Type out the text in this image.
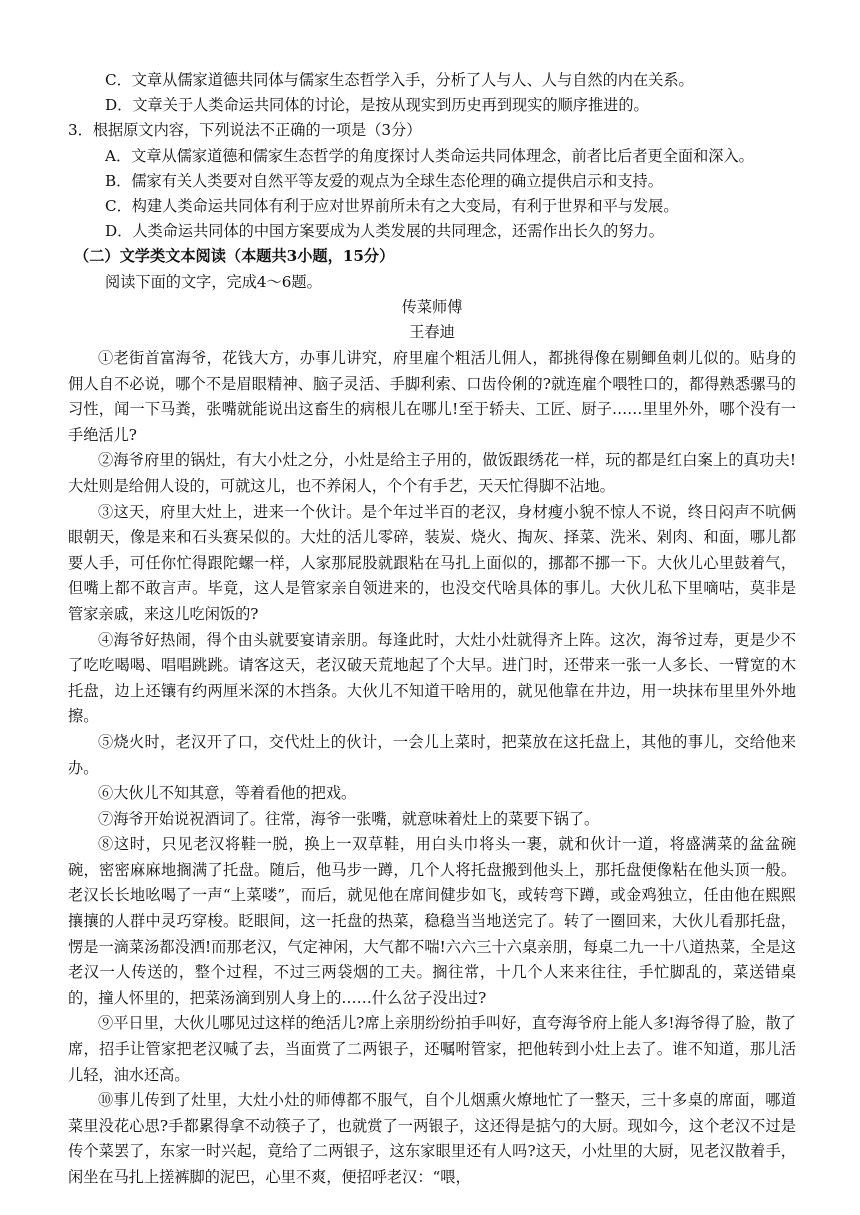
C．文章从儒家道德共同体与儒家生态哲学入手，分析了人与人、人与自然的内在关系。
D．文章关于人类命运共同体的讨论，是按从现实到历史再到现实的顺序推进的。
3．根据原文内容，下列说法不正确的一项是（3分）
A．文章从儒家道德和儒家生态哲学的角度探讨人类命运共同体理念，前者比后者更全面和深入。
B．儒家有关人类要对自然平等友爱的观点为全球生态伦理的确立提供启示和支持。
C．构建人类命运共同体有利于应对世界前所未有之大变局，有利于世界和平与发展。
D．人类命运共同体的中国方案要成为人类发展的共同理念，还需作出长久的努力。
（二）文学类文本阅读（本题共3小题，15分）
阅读下面的文字，完成4～6题。
传菜师傅
王春迪

①老街首富海爷，花钱大方，办事儿讲究，府里雇个粗活儿佣人，都挑得像在剔鲫鱼刺儿似的。贴身的佣人自不必说，哪个不是眉眼精神、脑子灵活、手脚利索、口齿伶俐的?就连雇个喂牲口的，都得熟悉骡马的习性，闻一下马粪，张嘴就能说出这畜生的病根儿在哪儿!至于轿夫、工匠、厨子……里里外外，哪个没有一手绝活儿?

②海爷府里的锅灶，有大小灶之分，小灶是给主子用的，做饭跟绣花一样，玩的都是红白案上的真功夫!大灶则是给佣人设的，可就这儿，也不养闲人，个个有手艺，天天忙得脚不沾地。

③这天，府里大灶上，进来一个伙计。是个年过半百的老汉，身材瘦小貌不惊人不说，终日闷声不吭俩眼朝天，像是来和石头赛呆似的。大灶的活儿零碎，装炭、烧火、掏灰、择菜、洗米、剁肉、和面，哪儿都要人手，可任你忙得跟陀螺一样，人家那屁股就跟粘在马扎上面似的，挪都不挪一下。大伙儿心里鼓着气，但嘴上都不敢言声。毕竟，这人是管家亲自领进来的，也没交代啥具体的事儿。大伙儿私下里嘀咕，莫非是管家亲戚，来这儿吃闲饭的?

④海爷好热闹，得个由头就要宴请亲朋。每逢此时，大灶小灶就得齐上阵。这次，海爷过寿，更是少不了吃吃喝喝、唱唱跳跳。请客这天，老汉破天荒地起了个大早。进门时，还带来一张一人多长、一臂宽的木托盘，边上还镶有约两厘米深的木挡条。大伙儿不知道干啥用的，就见他靠在井边，用一块抹布里里外外地擦。

⑤烧火时，老汉开了口，交代灶上的伙计，一会儿上菜时，把菜放在这托盘上，其他的事儿，交给他来办。

⑥大伙儿不知其意，等着看他的把戏。

⑦海爷开始说祝酒词了。往常，海爷一张嘴，就意味着灶上的菜要下锅了。

⑧这时，只见老汉将鞋一脱，换上一双草鞋，用白头巾将头一裹，就和伙计一道，将盛满菜的盆盆碗碗，密密麻麻地搁满了托盘。随后，他马步一蹲，几个人将托盘搬到他头上，那托盘便像粘在他头顶一般。老汉长长地吆喝了一声“上菜喽”，而后，就见他在席间健步如飞，或转弯下蹲，或金鸡独立，任由他在熙熙攘攘的人群中灵巧穿梭。眨眼间，这一托盘的热菜，稳稳当当地送完了。转了一圈回来，大伙儿看那托盘，愣是一滴菜汤都没洒!而那老汉，气定神闲，大气都不喘!六六三十六桌亲朋，每桌二九一十八道热菜，全是这老汉一人传送的，整个过程，不过三两袋烟的工夫。搁往常，十几个人来来往往，手忙脚乱的，菜送错桌的，撞人怀里的，把菜汤滴到别人身上的……什么岔子没出过?

⑨平日里，大伙儿哪见过这样的绝活儿?席上亲朋纷纷拍手叫好，直夸海爷府上能人多!海爷得了脸，散了席，招手让管家把老汉喊了去，当面赏了二两银子，还嘱咐管家，把他转到小灶上去了。谁不知道，那儿活儿轻，油水还高。

⑩事儿传到了灶里，大灶小灶的师傅都不服气，自个儿烟熏火燎地忙了一整天，三十多桌的席面，哪道菜里没花心思?手都累得拿不动筷子了，也就赏了一两银子，这还得是掂勺的大厨。现如今，这个老汉不过是传个菜罢了，东家一时兴起，竟给了二两银子，这东家眼里还有人吗?这天，小灶里的大厨，见老汉散着手，闲坐在马扎上搓裤脚的泥巴，心里不爽，便招呼老汉：“喂，
